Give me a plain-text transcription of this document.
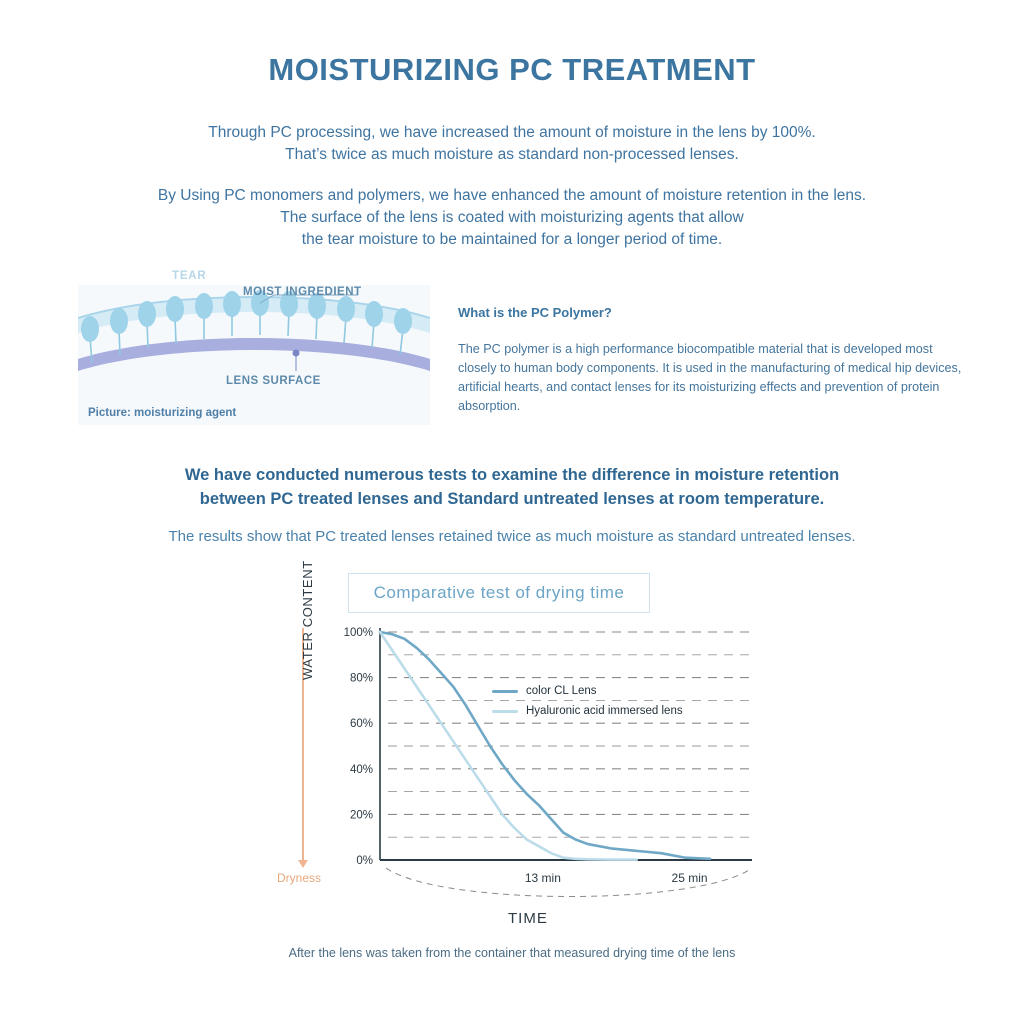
MOISTURIZING PC TREATMENT
Through PC processing, we have increased the amount of moisture in the lens by 100%.
That’s twice as much moisture as standard non-processed lenses.
By Using PC monomers and polymers, we have enhanced the amount of moisture retention in the lens.
The surface of the lens is coated with moisturizing agents that allow
the tear moisture to be maintained for a longer period of time.
TEAR
MOIST INGREDIENT
LENS SURFACE
Picture: moisturizing agent
What is the PC Polymer?
The PC polymer is a high performance biocompatible material that is developed most closely to human body components. It is used in the manufacturing of medical hip devices, artificial hearts, and contact lenses for its moisturizing effects and prevention of protein absorption.
We have conducted numerous tests to examine the difference in moisture retention
between PC treated lenses and Standard untreated lenses at room temperature.
The results show that PC treated lenses retained twice as much moisture as standard untreated lenses.
Comparative test of drying time
Dryness
WATER CONTENT
0%
20%
40%
60%
80%
100%
13 min	25 min
color CL Lens
Hyaluronic acid immersed lens
TIME
After the lens was taken from the container that measured drying time of the lens
